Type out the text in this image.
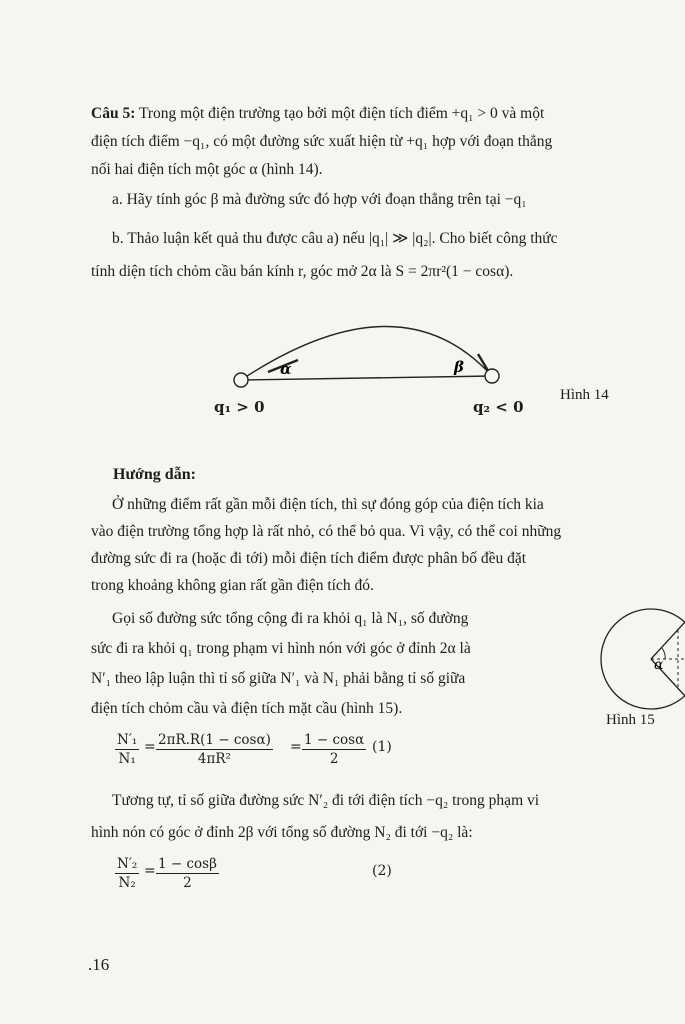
Câu 5: Trong một điện trường tạo bởi một điện tích điểm +q₁ > 0 và một
điện tích điểm −q₁, có một đường sức xuất hiện từ +q₁ hợp với đoạn thẳng
nối hai điện tích một góc α (hình 14).
a. Hãy tính góc β mà đường sức đó hợp với đoạn thẳng trên tại −q₁
b. Thảo luận kết quả thu được câu a) nếu |q₁| ≫ |q₂|. Cho biết công thức
tính diện tích chỏm cầu bán kính r, góc mở 2α là S = 2πr²(1 − cosα).
α	β
Hình 14
q₁ > 0	q₂ < 0
Hướng dẫn:
Ở những điểm rất gần mỗi điện tích, thì sự đóng góp của điện tích kia
vào điện trường tổng hợp là rất nhỏ, có thể bỏ qua. Vì vậy, có thể coi những
đường sức đi ra (hoặc đi tới) mỗi điện tích điểm được phân bố đều đặt
trong khoảng không gian rất gần điện tích đó.
Gọi số đường sức tổng cộng đi ra khỏi q₁ là N₁, số đường
sức đi ra khỏi q₁ trong phạm vi hình nón với góc ở đỉnh 2α là
N′₁ theo lập luận thì tỉ số giữa N′₁ và N₁ phải bằng tỉ số giữa
điện tích chỏm cầu và điện tích mặt cầu (hình 15).
α
Hình 15
$\frac{\text{N′₁}}{\text{N₁}} = \frac{2\pi R.R(1 - \cos\alpha)}{\text{4πR²}} = \frac{1 - \cos\alpha}{2} (1)$
Tương tự, tỉ số giữa đường sức N′₂ đi tới điện tích −q₂ trong phạm vi
hình nón có góc ở đỉnh 2β với tổng số đường N₂ đi tới −q₂ là:
$\frac{\text{N′₂}}{\text{N₂}} = \frac{1 - \cos\beta}{2}$	(2)
.16
